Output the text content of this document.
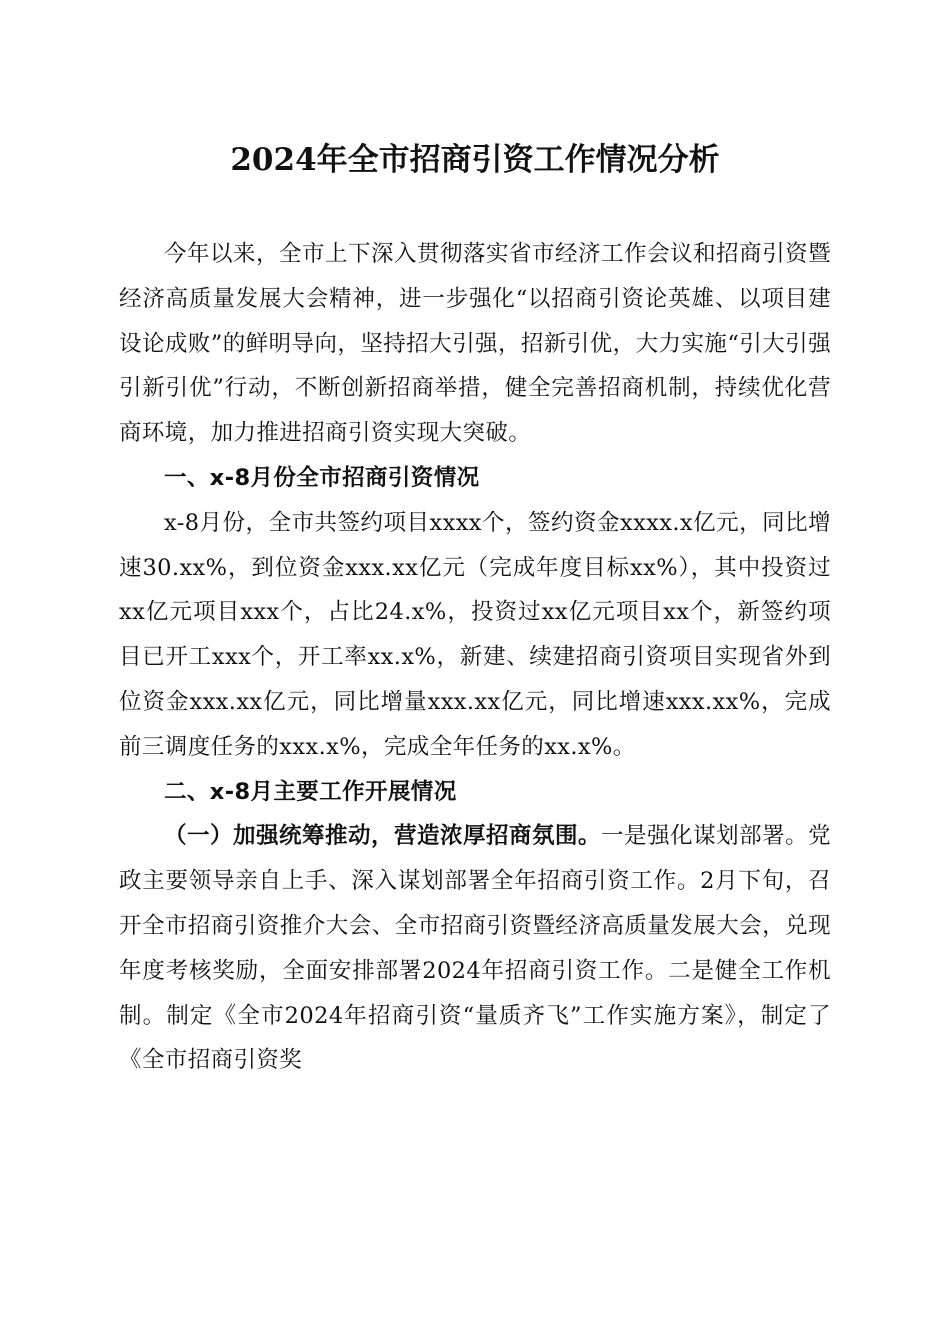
2024年全市招商引资工作情况分析

今年以来，全市上下深入贯彻落实省市经济工作会议和招商引资暨经济高质量发展大会精神，进一步强化“以招商引资论英雄、以项目建设论成败”的鲜明导向，坚持招大引强，招新引优，大力实施“引大引强引新引优”行动，不断创新招商举措，健全完善招商机制，持续优化营商环境，加力推进招商引资实现大突破。

一、x-8月份全市招商引资情况

x-8月份，全市共签约项目xxxx个，签约资金xxxx.x亿元，同比增速30.xx%，到位资金xxx.xx亿元（完成年度目标xx%），其中投资过xx亿元项目xxx个，占比24.x%，投资过xx亿元项目xx个，新签约项目已开工xxx个，开工率xx.x%，新建、续建招商引资项目实现省外到位资金xxx.xx亿元，同比增量xxx.xx亿元，同比增速xxx.xx%，完成前三调度任务的xxx.x%，完成全年任务的xx.x%。

二、x-8月主要工作开展情况

（一）加强统筹推动，营造浓厚招商氛围。一是强化谋划部署。党政主要领导亲自上手、深入谋划部署全年招商引资工作。2月下旬，召开全市招商引资推介大会、全市招商引资暨经济高质量发展大会，兑现年度考核奖励，全面安排部署2024年招商引资工作。二是健全工作机制。制定《全市2024年招商引资“量质齐飞”工作实施方案》，制定了《全市招商引资奖
